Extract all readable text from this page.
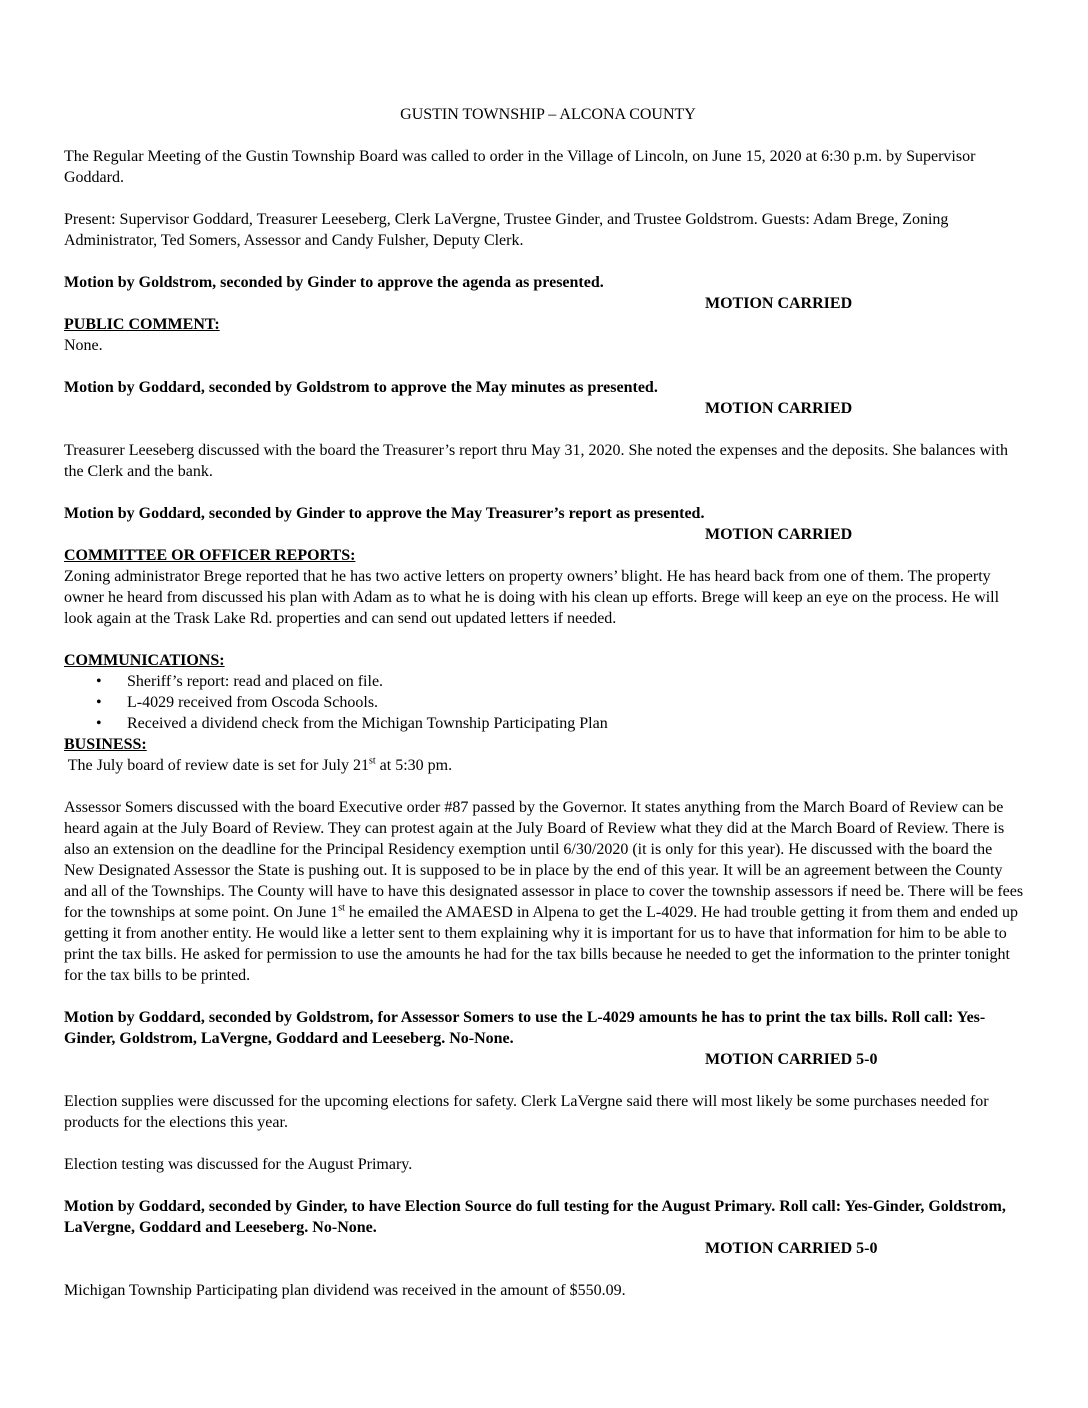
GUSTIN TOWNSHIP – ALCONA COUNTY

The Regular Meeting of the Gustin Township Board was called to order in the Village of Lincoln, on June 15, 2020 at 6:30 p.m. by Supervisor Goddard.

Present: Supervisor Goddard, Treasurer Leeseberg, Clerk LaVergne, Trustee Ginder, and Trustee Goldstrom. Guests: Adam Brege, Zoning Administrator, Ted Somers, Assessor and Candy Fulsher, Deputy Clerk.

Motion by Goldstrom, seconded by Ginder to approve the agenda as presented.

MOTION CARRIED

PUBLIC COMMENT:

None.

Motion by Goddard, seconded by Goldstrom to approve the May minutes as presented.

MOTION CARRIED

Treasurer Leeseberg discussed with the board the Treasurer’s report thru May 31, 2020. She noted the expenses and the deposits. She balances with the Clerk and the bank.

Motion by Goddard, seconded by Ginder to approve the May Treasurer’s report as presented.

MOTION CARRIED

COMMITTEE OR OFFICER REPORTS:

Zoning administrator Brege reported that he has two active letters on property owners’ blight. He has heard back from one of them. The property owner he heard from discussed his plan with Adam as to what he is doing with his clean up efforts. Brege will keep an eye on the process. He will look again at the Trask Lake Rd. properties and can send out updated letters if needed.

COMMUNICATIONS:

• Sheriff’s report: read and placed on file.
• L-4029 received from Oscoda Schools.
• Received a dividend check from the Michigan Township Participating Plan

BUSINESS:

The July board of review date is set for July 21st at 5:30 pm.

Assessor Somers discussed with the board Executive order #87 passed by the Governor. It states anything from the March Board of Review can be heard again at the July Board of Review. They can protest again at the July Board of Review what they did at the March Board of Review. There is also an extension on the deadline for the Principal Residency exemption until 6/30/2020 (it is only for this year). He discussed with the board the New Designated Assessor the State is pushing out. It is supposed to be in place by the end of this year. It will be an agreement between the County and all of the Townships. The County will have to have this designated assessor in place to cover the township assessors if need be. There will be fees for the townships at some point. On June 1st he emailed the AMAESD in Alpena to get the L-4029. He had trouble getting it from them and ended up getting it from another entity. He would like a letter sent to them explaining why it is important for us to have that information for him to be able to print the tax bills. He asked for permission to use the amounts he had for the tax bills because he needed to get the information to the printer tonight for the tax bills to be printed.

Motion by Goddard, seconded by Goldstrom, for Assessor Somers to use the L-4029 amounts he has to print the tax bills. Roll call: Yes-Ginder, Goldstrom, LaVergne, Goddard and Leeseberg. No-None.

MOTION CARRIED 5-0

Election supplies were discussed for the upcoming elections for safety. Clerk LaVergne said there will most likely be some purchases needed for products for the elections this year.

Election testing was discussed for the August Primary.

Motion by Goddard, seconded by Ginder, to have Election Source do full testing for the August Primary. Roll call: Yes-Ginder, Goldstrom, LaVergne, Goddard and Leeseberg. No-None.

MOTION CARRIED 5-0

Michigan Township Participating plan dividend was received in the amount of $550.09.
